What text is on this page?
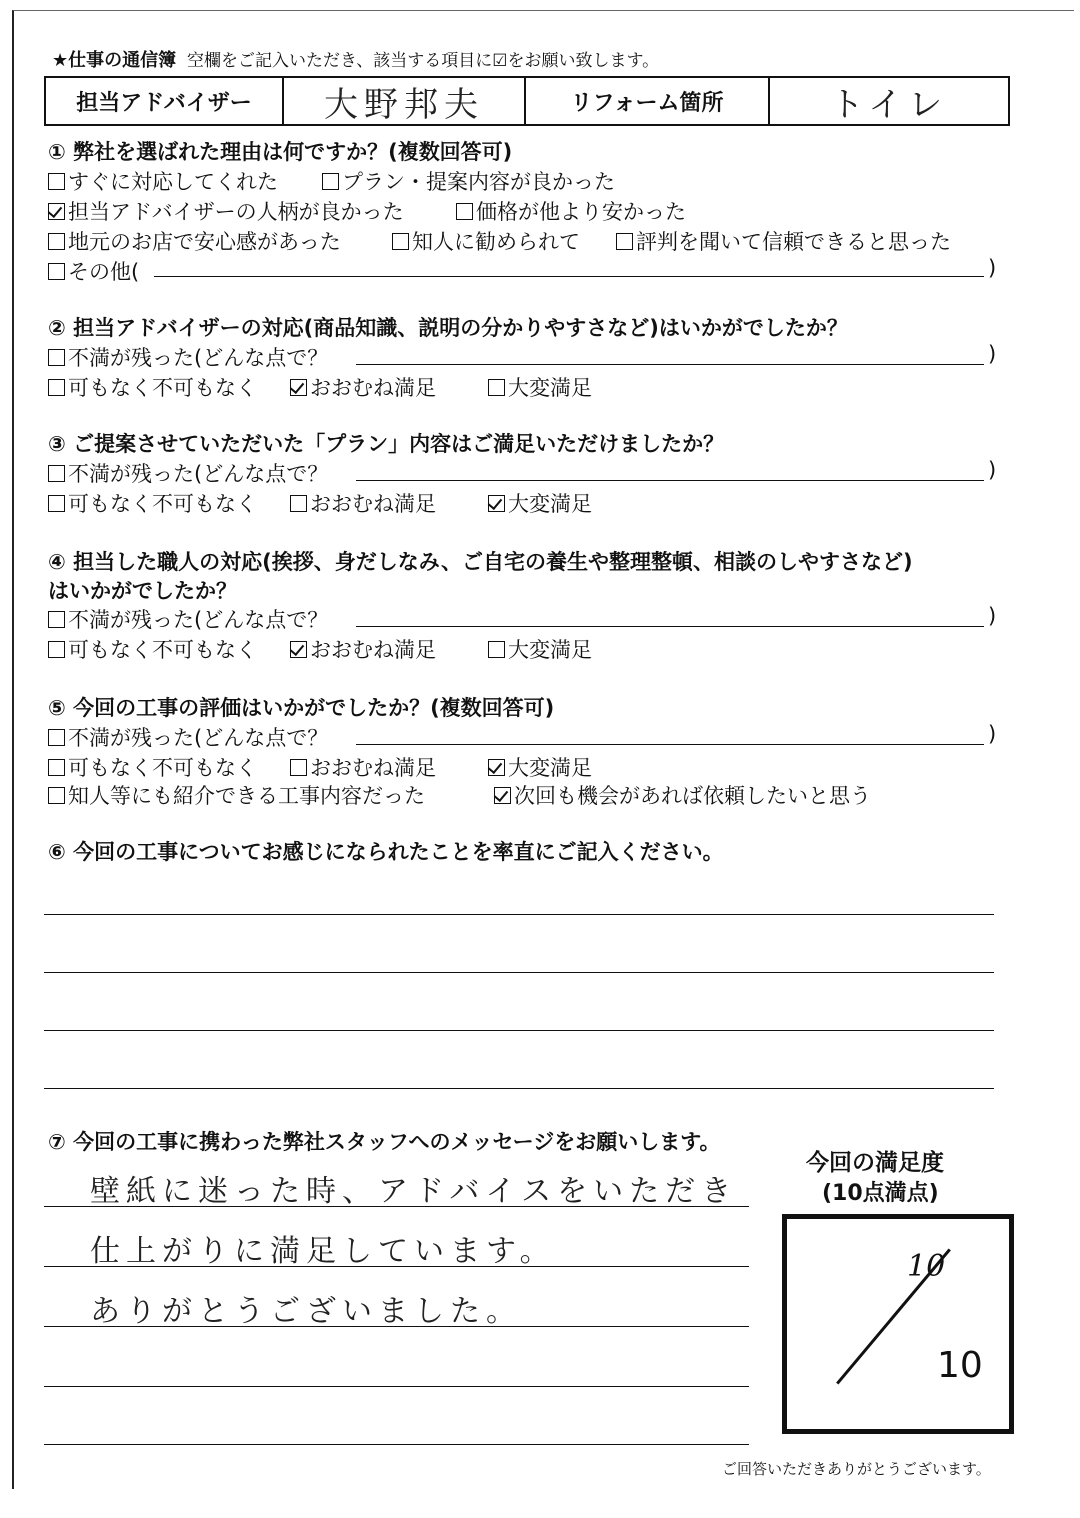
★仕事の通信簿 空欄をご記入いただき、該当する項目に☑をお願い致します。
担当アドバイザー	大野邦夫	リフォーム箇所	トイレ
① 弊社を選ばれた理由は何ですか？(複数回答可)
すぐに対応してくれた	プラン・提案内容が良かった
担当アドバイザーの人柄が良かった	価格が他より安かった
地元のお店で安心感があった	知人に勧められて	評判を聞いて信頼できると思った
その他(	)
② 担当アドバイザーの対応(商品知識、説明の分かりやすさなど)はいかがでしたか？
不満が残った(どんな点で？	)
可もなく不可もなく	おおむね満足	大変満足
③ ご提案させていただいた「プラン」内容はご満足いただけましたか？
不満が残った(どんな点で？	)
可もなく不可もなく	おおむね満足	大変満足
④ 担当した職人の対応(挨拶、身だしなみ、ご自宅の養生や整理整頓、相談のしやすさなど)
はいかがでしたか？
不満が残った(どんな点で？	)
可もなく不可もなく	おおむね満足	大変満足
⑤ 今回の工事の評価はいかがでしたか？(複数回答可)
不満が残った(どんな点で？	)
可もなく不可もなく	おおむね満足	大変満足
知人等にも紹介できる工事内容だった	次回も機会があれば依頼したいと思う
⑥ 今回の工事についてお感じになられたことを率直にご記入ください。
⑦ 今回の工事に携わった弊社スタッフへのメッセージをお願いします。
壁紙に迷った時、アドバイスをいただき
仕上がりに満足しています。
ありがとうございました。
今回の満足度
(10点満点)
10
10
ご回答いただきありがとうございます。
